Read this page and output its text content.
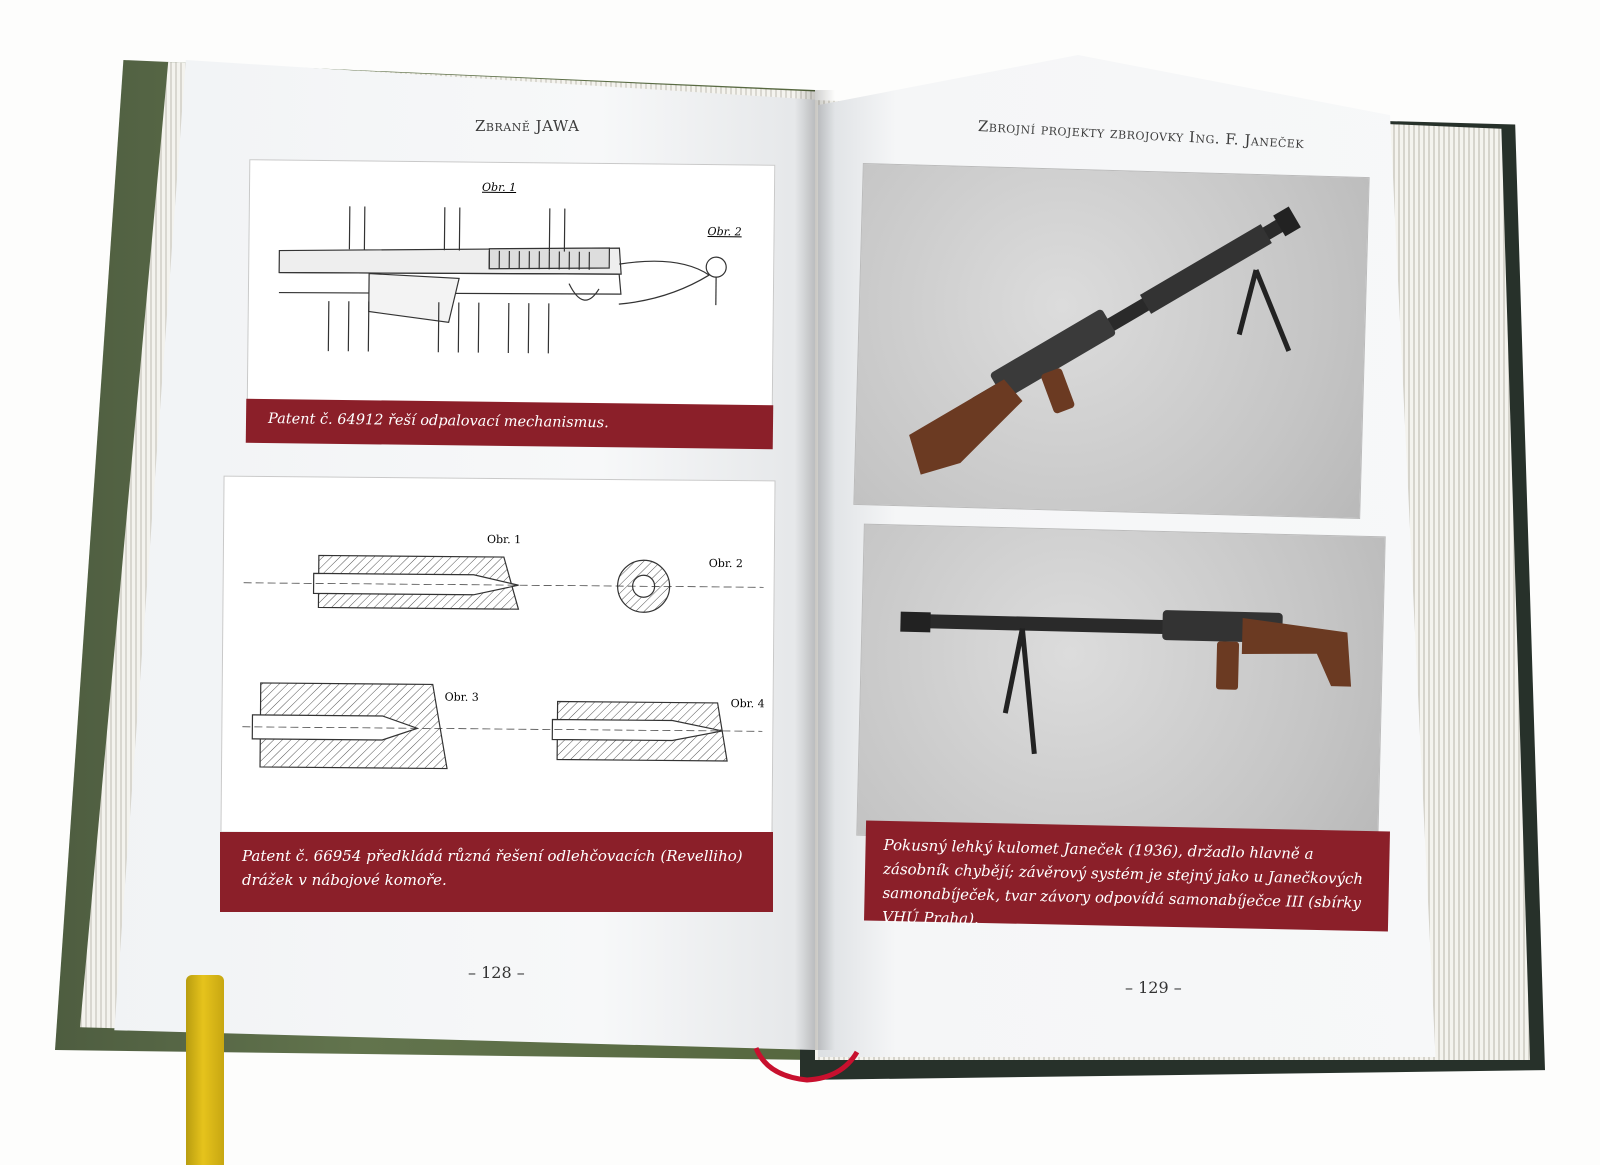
Zbraně JAWA
Obr. 1
Obr. 2
Patent č. 64912 řeší odpalovací mechanismus.
Obr. 1
Obr. 2
Obr. 3	Obr. 4
Patent č. 66954 předkládá různá řešení odlehčovacích (Revelliho) drážek v nábojové komoře.
– 128 –
Zbrojní projekty zbrojovky Ing. F. Janeček
Pokusný lehký kulomet Janeček (1936), držadlo hlavně a zásobník chybějí; závěrový systém je stejný jako u Janečkových samonabíječek, tvar závory odpovídá samonabíječce III (sbírky VHÚ Praha).
– 129 –
